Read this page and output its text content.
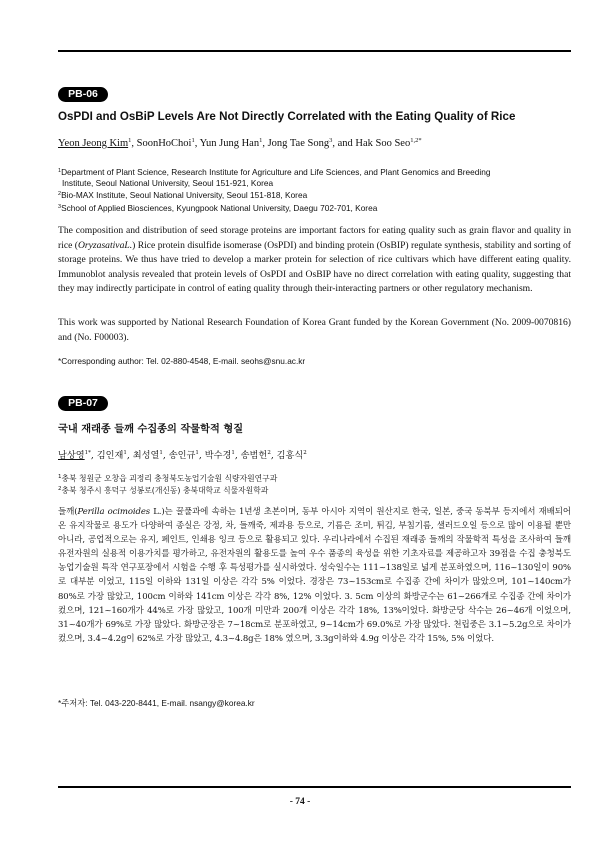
PB-06
OsPDI and OsBiP Levels Are Not Directly Correlated with the Eating Quality of Rice
Yeon Jeong Kim$^1$, SoonHoChoi$^1$, Yun Jung Han$^1$, Jong Tae Song$^3$, and Hak Soo Seo$^{1,2*}$
$^1$Department of Plant Science, Research Institute for Agriculture and Life Sciences, and Plant Genomics and Breeding
Institute, Seoul National University, Seoul 151-921, Korea
$^2$Bio-MAX Institute, Seoul National University, Seoul 151-818, Korea
$^3$School of Applied Biosciences, Kyungpook National University, Daegu 702-701, Korea

The composition and distribution of seed storage proteins are important factors for eating quality such as grain flavor and quality in rice (OryzasativaL.) Rice protein disulfide isomerase (OsPDI) and binding protein (OsBIP) regulate synthesis, stability and sorting of storage proteins. We thus have tried to develop a marker protein for selection of rice cultivars which have different eating quality. Immunoblot analysis revealed that protein levels of OsPDI and OsBIP have no direct correlation with eating quality, suggesting that they may indirectly participate in control of eating quality through their-interacting partners or other regulatory mechanism.

This work was supported by National Research Foundation of Korea Grant funded by the Korean Government (No. 2009-0070816) and (No. F00003).

*Corresponding author: Tel. 02-880-4548, E-mail. seohs@snu.ac.kr
PB-07
국내 재래종 들깨 수집종의 작물학적 형질
남상영$^{1*}$, 김인재$^1$, 최성열$^1$, 송인규$^1$, 박수경$^1$, 송범헌$^2$, 김홍식$^2$
$^1$충북 청원군 오창읍 괴정리 충청북도농업기술원 식량자원연구과
$^2$충북 청주시 흥덕구 성봉로(개신동) 충북대학교 식물자원학과

들깨(Perilla ocimoides L.)는 꿀풀과에 속하는 1년생 초본이며, 동부 아시아 지역이 원산지로 한국, 일본, 중국 동북부 등지에서 재배되어 온 유지작물로 용도가 다양하여 종실은 강정, 차, 들깨죽, 제과용 등으로, 기름은 조미, 튀김, 부침기름, 샐러드오일 등으로 많이 이용될 뿐만 아니라, 공업적으로는 유지, 페인트, 인쇄용 잉크 등으로 활용되고 있다. 우리나라에서 수집된 재래종 들깨의 작물학적 특성을 조사하여 들깨 유전자원의 실용적 이용가치를 평가하고, 유전자원의 활용도를 높여 우수 품종의 육성을 위한 기초자료를 제공하고자 39점을 수집 충청북도 농업기술원 특작 연구포장에서 시험을 수행 후 특성평가를 실시하였다. 성숙일수는 111~138일로 넓게 분포하였으며, 116~130일이 90%로 대부분 이었고, 115일 이하와 131일 이상은 각각 5% 이었다. 경장은 73~153cm로 수집종 간에 차이가 많았으며, 101~140cm가 80%로 가장 많았고, 100cm 이하와 141cm 이상은 각각 8%, 12% 이었다. 3. 5cm 이상의 화방군수는 61~266개로 수집종 간에 차이가 컸으며, 121~160개가 44%로 가장 많았고, 100개 미만과 200개 이상은 각각 18%, 13%이었다. 화방군당 삭수는 26~46개 이었으며, 31~40개가 69%로 가장 많았다. 화방군장은 7~18cm로 분포하였고, 9~14cm가 69.0%로 가장 많았다. 천립중은 3.1~5.2g으로 차이가 컸으며, 3.4~4.2g이 62%로 가장 많았고, 4.3~4.8g은 18% 였으며, 3.3g이하와 4.9g 이상은 각각 15%, 5% 이었다.

*주저자: Tel. 043-220-8441, E-mail. nsangy@korea.kr
- 74 -
